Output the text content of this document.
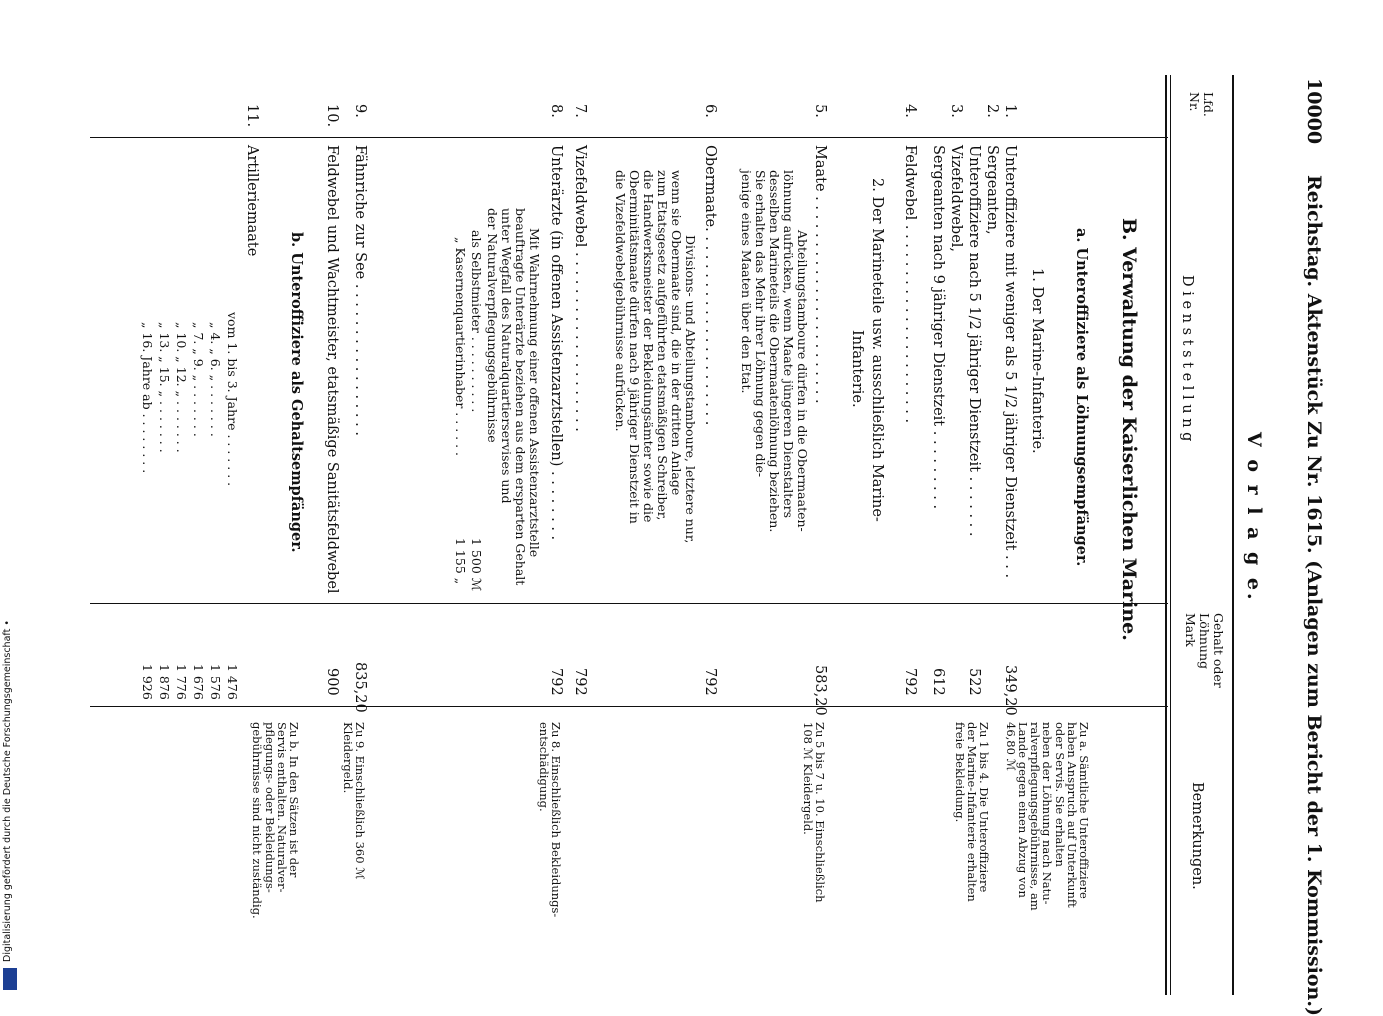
10000
Reichstag. Aktenstück Zu Nr. 1615. (Anlagen zum Bericht der 1. Kommission.)
V o r l a g e.
Lfd. Nr.
D i e n s t s t e l l u n g
Gehalt oder Löhnung Mark
Bemerkungen.
B. Verwaltung der Kaiserlichen Marine.
a. Unteroffiziere als Löhnungsempfänger.
1. Der Marine-Infanterie.
2. Der Marineteile usw. ausschließlich Marine-
Infanterie.
b. Unteroffiziere als Gehaltsempfänger.
1.
Unteroffiziere mit weniger als 5 1/2 jähriger Dienstzeit . . .
349,20
2.
Sergeanten,
Unteroffiziere nach 5 1/2 jähriger Dienstzeit . . . . . . .
522
3.
Vizefeldwebel,
Sergeanten nach 9 jähriger Dienstzeit . . . . . . . . .
612
4.
Feldwebel . . . . . . . . . . . . . . . . . . . . . .
792
5.
Maate . . . . . . . . . . . . . . . . . . . . . . .
583,20
Abteilungstamboure dürfen in die Obermaaten-
löhnung aufrücken, wenn Maate jüngeren Dienstalters
desselben Marineteils die Obermaatenlöhnung beziehen.
Sie erhalten das Mehr ihrer Löhnung gegen die-
jenige eines Maaten über den Etat.
6.
Obermaate. . . . . . . . . . . . . . . . . . . . . .
792
Divisions- und Abteilungstamboure, letztere nur,
wenn sie Obermaate sind, die in der dritten Anlage
zum Etatsgesetz aufgeführten etatsmäßigen Schreiber,
die Handwerksmeister der Bekleidungsämter sowie die
Oberminitätsmaate dürfen nach 9 jähriger Dienstzeit in
die Vizefeldwebelgebührnisse aufrücken.
7.
Vizefeldwebel . . . . . . . . . . . . . . . . . . . .
792
8.
Unterärzte (in offenen Assistenzarztstellen) . . . . . . . .
792
Mit Wahrnehmung einer offenen Assistenzarztstelle
beauftragte Unterärzte beziehen aus dem ersparten Gehalt
unter Wegfall des Naturalquartierservises und
der Naturalverpflegungsgebührnisse
als Selbstmieter . . . . . . . . . .
1 500 ℳ
„ Kasernenquartierinhaber . . . . . .
1 155 „
9.
Fähnriche zur See . . . . . . . . . . . . . . . . .
835,20
10.
Feldwebel und Wachtmeister, etatsmäßige Sanitätsfeldwebel
900
11.
Artilleriemaate
vom 1. bis 3. Jahre . . . . . . .
1 476
„ 4. „ 6. „ . . . . . . .
1 576
„ 7. „ 9. „ . . . . . . .
1 676
„ 10. „ 12. „ . . . . . . .
1 776
„ 13. „ 15. „ . . . . . . .
1 876
„ 16. Jahre ab . . . . . . . .
1 926
Zu a. Sämtliche Unteroffiziere
haben Anspruch auf Unterkunft
oder Servis. Sie erhalten
neben der Löhnung nach Natu-
ralverpflegungsgebührnisse, am
Lande gegen einen Abzug von
46,80 ℳ
Zu 1 bis 4. Die Unteroffiziere
der Marine-Infanterie erhalten
freie Bekleidung.
Zu 5 bis 7 u. 10. Einschließlich
108 ℳ Kleidergeld.
Zu 8. Einschließlich Bekleidungs-
entschädigung.
Zu 9. Einschließlich 360 ℳ
Kleidergeld.
Zu b. In den Sätzen ist der
Servis enthalten. Naturalver-
pflegungs- oder Bekleidungs-
gebührnisse sind nicht zuständig.
Digitalisierung gefördert durch die Deutsche Forschungsgemeinschaft •
